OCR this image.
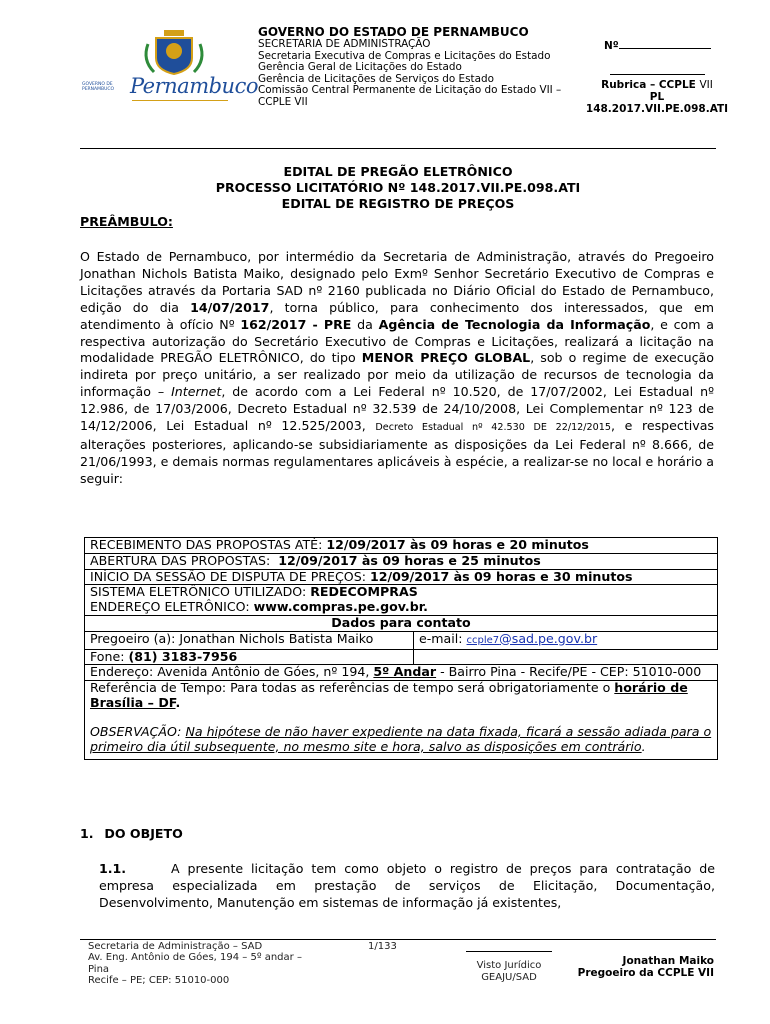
GOVERNO DE PERNAMBUCO Pernambuco
GOVERNO DO ESTADO DE PERNAMBUCO
SECRETARIA DE ADMINISTRAÇÃO
Secretaria Executiva de Compras e Licitações do Estado
Gerência Geral de Licitações do Estado
Gerência de Licitações de Serviços do Estado
Comissão Central Permanente de Licitação do Estado VII – CCPLE VII
Nº
Rubrica – CCPLE VII
PL 148.2017.VII.PE.098.ATI
EDITAL DE PREGÃO ELETRÔNICO
PROCESSO LICITATÓRIO Nº 148.2017.VII.PE.098.ATI
EDITAL DE REGISTRO DE PREÇOS
PREÂMBULO:
O Estado de Pernambuco, por intermédio da Secretaria de Administração, através do Pregoeiro Jonathan Nichols Batista Maiko, designado pelo Exmº Senhor Secretário Executivo de Compras e Licitações através da Portaria SAD nº 2160 publicada no Diário Oficial do Estado de Pernambuco, edição do dia 14/07/2017, torna público, para conhecimento dos interessados, que em atendimento à ofício Nº 162/2017 - PRE da Agência de Tecnologia da Informação, e com a respectiva autorização do Secretário Executivo de Compras e Licitações, realizará a licitação na modalidade PREGÃO ELETRÔNICO, do tipo MENOR PREÇO GLOBAL, sob o regime de execução indireta por preço unitário, a ser realizado por meio da utilização de recursos de tecnologia da informação – Internet, de acordo com a Lei Federal nº 10.520, de 17/07/2002, Lei Estadual nº 12.986, de 17/03/2006, Decreto Estadual nº 32.539 de 24/10/2008, Lei Complementar nº 123 de 14/12/2006, Lei Estadual nº 12.525/2003, Decreto Estadual nº 42.530 DE 22/12/2015, e respectivas alterações posteriores, aplicando-se subsidiariamente as disposições da Lei Federal nº 8.666, de 21/06/1993, e demais normas regulamentares aplicáveis à espécie, a realizar-se no local e horário a seguir:
RECEBIMENTO DAS PROPOSTAS ATÉ: 12/09/2017 às 09 horas e 20 minutos	
ABERTURA DAS PROPOSTAS:  12/09/2017 às 09 horas e 25 minutos	
INÍCIO DA SESSÃO DE DISPUTA DE PREÇOS: 12/09/2017 às 09 horas e 30 minutos	
SISTEMA ELETRÔNICO UTILIZADO: REDECOMPRAS
ENDEREÇO ELETRÔNICO: www.compras.pe.gov.br.	
Dados para contato	
Pregoeiro (a): Jonathan Nichols Batista Maiko	e-mail: ccple7@sad.pe.gov.br
Fone: (81) 3183-7956	
Endereço: Avenida Antônio de Góes, nº 194, 5º Andar - Bairro Pina - Recife/PE - CEP: 51010-000	
Referência de Tempo: Para todas as referências de tempo será obrigatoriamente o horário de Brasília – DF.
OBSERVAÇÃO: Na hipótese de não haver expediente na data fixada, ficará a sessão adiada para o primeiro dia útil subsequente, no mesmo site e hora, salvo as disposições em contrário.	
1. DO OBJETO
1.1.	A presente licitação tem como objeto o registro de preços para contratação de empresa especializada em prestação de serviços de Elicitação, Documentação, Desenvolvimento, Manutenção em sistemas de informação já existentes,
Secretaria de Administração – SAD
Av. Eng. Antônio de Góes, 194 – 5º andar – Pina
Recife – PE; CEP: 51010-000
1/133
Visto Jurídico
GEAJU/SAD
Jonathan Maiko
Pregoeiro da CCPLE VII
